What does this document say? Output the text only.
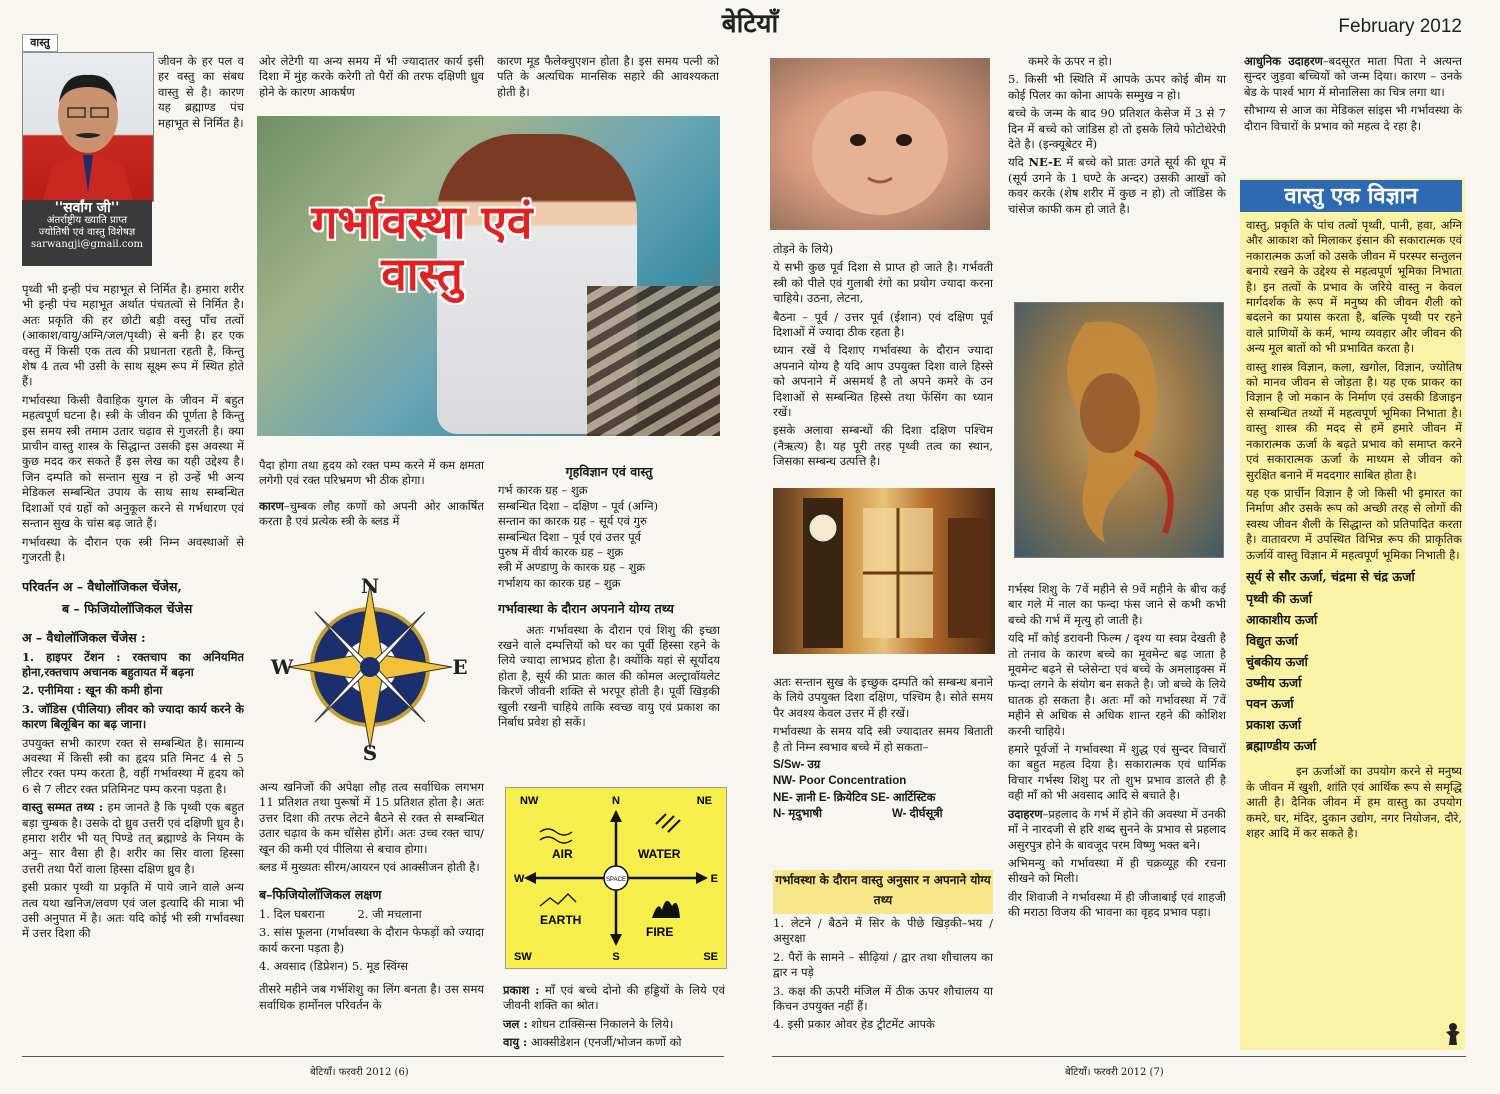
बेटियाँ	February 2012
वास्तु
''सर्वांग जी''
अंतर्राष्ट्रीय ख्याति प्राप्त
ज्योतिषी एवं वास्तु विशेषज्ञ
sarwangji@gmail.com

जीवन के हर पल व हर वस्तु का संबध वास्तु से है। कारण यह ब्रह्माण्ड पंच महाभूत से निर्मित है।

पृथ्वी भी इन्ही पंच महाभूत से निर्मित है। हमारा शरीर भी इन्ही पंच महाभूत अर्थात पंचतत्वों से निर्मित है। अतः प्रकृति की हर छोटी बड़ी वस्तु पाँच तत्वों (आकाश/वायु/अग्नि/जल/पृथ्वी) से बनी है। हर एक वस्तु में किसी एक तत्व की प्रधानता रहती है, किन्तु शेष 4 तत्व भी उसी के साथ सूक्ष्म रूप में स्थित होते हैं।

गर्भावस्था किसी वैवाहिक युगल के जीवन में बहुत महत्वपूर्ण घटना है। स्त्री के जीवन की पूर्णता है किन्तु इस समय स्त्री तमाम उतार चढ़ाव से गुजरती है। क्या प्राचीन वास्तु शास्त्र के सिद्धान्त उसकी इस अवस्था में कुछ मदद कर सकते हैं इस लेख का यही उद्देश्य है। जिन दम्पति को सन्तान सुख न हो उन्हें भी अन्य मेडिकल सम्बन्धित उपाय के साथ साथ सम्बन्धित दिशाओं एवं ग्रहों को अनुकूल करने से गर्भधारण एवं सन्तान सुख के चांस बढ़ जाते हैं।

गर्भावस्था के दौरान एक स्त्री निम्न अवस्थाओं से गुजरती है।

परिवर्तन अ – वैधोलॉजिकल चेंजेस,
ब – फिजियोलॉजिकल चेंजेस
अ – वैधोलॉजिकल चेंजेस :

1. हाइपर टेंशन : रक्तचाप का अनियमित होना,रक्तचाप अचानक बहुतायत में बढ़ना

2. एनीमिया : खून की कमी होना

3. जॉडिस (पीलिया) लीवर को ज्यादा कार्य करने के कारण बिलूबिन का बढ़ जाना।

उपयुक्त सभी कारण रक्त से सम्बन्धित है। सामान्य अवस्था में किसी स्त्री का हृदय प्रति मिनट 4 से 5 लीटर रक्त पम्प करता है, वहीं गर्भावस्था में हृदय को 6 से 7 लीटर रक्त प्रतिमिनट पम्प करना पड़ता है।

वास्तु सम्मत तथ्य : हम जानते है कि पृथ्वी एक बहुत बड़ा चुम्बक है। उसके दो ध्रुव उत्तरी एवं दक्षिणी ध्रुव है। हमारा शरीर भी यत् पिण्डे तत् ब्रह्माण्डे के नियम के अनु– सार वैसा ही है। शरीर का सिर वाला हिस्सा उत्तरी तथा पैरों वाला हिस्सा दक्षिण ध्रुव है।

इसी प्रकार पृथ्वी या प्रकृति में पाये जाने वाले अन्य तत्व यथा खनिज/लवण एवं जल इत्यादि की मात्रा भी उसी अनुपात में है। अतः यदि कोई भी स्त्री गर्भावस्था में उत्तर दिशा की

ओर लेटेगी या अन्य समय में भी ज्यादातर कार्य इसी दिशा में मुंह करके करेगी तो पैरों की तरफ दक्षिणी ध्रुव होने के कारण आकर्षण

कारण मूड फैलेक्चुएशन होता है। इस समय पत्नी को पति के अत्यधिक मानसिक सहारे की आवश्यकता होती है।

गर्भावस्था एवं
वास्तु

पैदा होगा तथा हृदय को रक्त पम्प करने में कम क्षमता लगेगी एवं रक्त परिभ्रमण भी ठीक होगा।

कारण–चुम्बक लौह कणों को अपनी ओर आकर्षित करता है एवं प्रत्येक स्त्री के ब्लड में

N
S
W	E

अन्य खनिजों की अपेक्षा लौह तत्व सर्वाधिक लगभग 11 प्रतिशत तथा पुरूषों में 15 प्रतिशत होता है। अतः उत्तर दिशा की तरफ लेटने बैठने से रक्त से सम्बन्धित उतार चढ़ाव के कम चॉसेस होगें। अतः उच्च रक्त चाप/खून की कमी एवं पीलिया से बचाव होगा।

ब्लड में मुख्यतः सीरम/आयरन एवं आक्सीजन होती है।

ब–फिजियोलॉजिकल लक्षण

1. दिल घबराना         2. जी मचलाना

3. सांस फूलना (गर्भावस्था के दौरान फेफड़ों को ज्यादा कार्य करना पड़ता है)

4. अवसाद (डिप्रेशन) 5. मूड स्विंग्स

तीसरे महीने जब गर्भशिशु का लिंग बनता है। उस समय सर्वाधिक हार्मोनल परिवर्तन के

गृहविज्ञान एवं वास्तु
गर्भ कारक ग्रह – शुक्र
सम्बन्धित दिशा – दक्षिण – पूर्व (अग्नि)
सन्तान का कारक ग्रह – सूर्य एवं गुरु
सम्बन्धित दिशा – पूर्व एवं उत्तर पूर्व
पुरुष में वीर्य कारक ग्रह – शुक्र
स्त्री में अण्डाणु के कारक ग्रह – शुक्र
गर्भाशय का कारक ग्रह – शुक्र
गर्भावास्था के दौरान अपनाने योग्य तथ्य

अतः गर्भावस्था के दौरान एवं शिशु की इच्छा रखने वाले दम्पत्तियों को घर का पूर्वी हिस्सा रहने के लिये ज्यादा लाभप्रद होता है। क्योंकि यहां से सूर्योदय होता है, सूर्य की प्रातः काल की कोमल अल्ट्रावॉयलेट किरणें जीवनी शक्ति से भरपूर होती है। पूर्वी खिड़की खुली रखनी चाहिये ताकि स्वच्छ वायु एवं प्रकाश का निर्बाध प्रवेश हो सकें।

SPACE
NW	N	NE
W	E
SW	S	SE
AIR	WATER
EARTH
FIRE

प्रकाश : माँ एवं बच्चे दोनो की हड्डियों के लिये एवं जीवनी शक्ति का श्रोत।

जल : शोधन टाक्सिन्स निकालने के लिये।

वायु : आक्सीडेशन (एनर्जी/भोजन कणों को

तोड़ने के लिये)

ये सभी कुछ पूर्व दिशा से प्राप्त हो जाते है। गर्भवती स्त्री को पीले एवं गुलाबी रंगो का प्रयोग ज्यादा करना चाहिये। उठना, लेटना,

बैठना – पूर्व / उत्तर पूर्व (ईशान) एवं दक्षिण पूर्व दिशाओं में ज्यादा ठीक रहता है।

ध्यान रखें ये दिशाए गर्भावस्था के दौरान ज्यादा अपनाने योग्य है यदि आप उपयुक्त दिशा वाले हिस्से को अपनाने में असमर्थ है तो अपने कमरे के उन दिशाओं से सम्बन्धित हिस्से तथा फेंसिंग का ध्यान रखें।

इसके अलावा सम्बन्धों की दिशा दक्षिण पश्चिम (नैऋत्य) है। यह पूरी तरह पृथ्वी तत्व का स्थान, जिसका सम्बन्ध उत्पत्ति है।

अतः सन्तान सुख के इच्छुक दम्पति को सम्बन्ध बनाने के लिये उपयुक्त दिशा दक्षिण, पश्चिम है। सोते समय पैर अवश्य केवल उत्तर में ही रखें।

गर्भावस्था के समय यदि स्त्री ज्यादातर समय बिताती है तो निम्न स्वभाव बच्चे में हो सकता–

S/Sw- उग्र

NW- Poor Concentration

NE- ज्ञानी E- क्रियेटिव SE- आर्टिस्टिक

N- मृदुभाषी	W- दीर्घसूत्री

गर्भावस्था के दौरान वास्तु अनुसार न अपनाने योग्य तथ्य

1. लेटने / बैठने में सिर के पीछे खिड़की–भय / असुरक्षा

2. पैरों के सामने – सीढ़ियां / द्वार तथा शौचालय का द्वार न पड़े

3. कक्ष की ऊपरी मंजिल में ठीक ऊपर शौचालय या किचन उपयुक्त नहीं हैं।

4. इसी प्रकार ओवर हेड ट्रीटमेंट आपके

कमरे के ऊपर न हो।

5. किसी भी स्थिति में आपके ऊपर कोई बीम या कोई पिलर का कोना आपके सम्मुख न हो।

बच्चे के जन्म के बाद 90 प्रतिशत केसेज में 3 से 7 दिन में बच्चे को जांडिस हो तो इसके लिये फोटोथेरेपी देते है। (इन्क्यूबेटर में)

यदि NE-E में बच्चे को प्रातः उगते सूर्य की धूप में (सूर्य उगने के 1 घण्टे के अन्दर) उसकी आखों को कवर करके (शेष शरीर में कुछ न हो) तो जॉडिस के चांसेज काफी कम हो जाते है।

गर्भस्थ शिशु के 7वें महीने से 9वें महीने के बीच कई बार गले में नाल का फन्दा फंस जाने से कभी कभी बच्चे की गर्भ में मृत्यु हो जाती है।

यदि माँ कोई डरावनी फिल्म / दृश्य या स्वप्न देखती है तो तनाव के कारण बच्चे का मूवमेन्ट बढ़ जाता है मूवमेन्ट बढ़ने से प्लेसेन्टा एवं बच्चे के अमलाइक्स में फन्दा लगने के संयोग बन सकते है। जो बच्चे के लिये घातक हो सकता है। अतः माँ को गर्भावस्था में 7वें महीने से अधिक से अधिक शान्त रहने की कोशिश करनी चाहिये।

हमारे पूर्वजों ने गर्भावस्था में शुद्ध एवं सुन्दर विचारों का बहुत महत्व दिया है। सकारात्मक एवं धार्मिक विचार गर्भस्थ शिशु पर तो शुभ प्रभाव डालते ही है वही माँ को भी अवसाद आदि से बचाते है।

उदाहरण–प्रहलाद के गर्भ में होने की अवस्था में उनकी माँ ने नारदजी से हरि शब्द सुनने के प्रभाव से प्रहलाद असुरपुत्र होने के बावजूद परम विष्णु भक्त बने।

अभिमन्यु को गर्भावस्था में ही चक्रव्यूह की रचना सीखने को मिली।

वीर शिवाजी ने गर्भावस्था में ही जीजाबाई एवं शाहजी की मराठा विजय की भावना का वृहद प्रभाव पड़ा।

आधुनिक उदाहरण–बदसूरत माता पिता ने अत्यन्त सुन्दर जुड़वा बच्चियों को जन्म दिया। कारण – उनके बेड के पार्श्व भाग में मोनालिसा का चित्र लगा था।

सौभाग्य से आज का मेडिकल सांइस भी गर्भावस्था के दौरान विचारों के प्रभाव को महत्व दे रहा है।

वास्तु एक विज्ञान

वास्तु, प्रकृति के पांच तत्वों पृथ्वी, पानी, हवा, अग्नि और आकाश को मिलाकर इंसान की सकारात्मक एवं नकारात्मक ऊर्जा को उसके जीवन में परस्पर सन्तुलन बनाये रखने के उद्देश्य से महत्वपूर्ण भूमिका निभाता है। इन तत्वों के प्रभाव के जरिये वास्तु न केवल मार्गदर्शक के रूप में मनुष्य की जीवन शैली को बदलने का प्रयास करता है, बल्कि पृथ्वी पर रहने वाले प्राणियों के कर्म, भाग्य व्यवहार और जीवन की अन्य मूल बातों को भी प्रभावित करता है।

वास्तु शास्त्र विज्ञान, कला, खगोल, विज्ञान, ज्योतिष को मानव जीवन से जोड़ता है। यह एक प्राकर का विज्ञान है जो मकान के निर्माण एवं उसकी डिजाइन से सम्बन्धित तथ्यों में महत्वपूर्ण भूमिका निभाता है। वास्तु शास्त्र की मदद से हमें हमारे जीवन में नकारात्मक ऊर्जा के बढ़ते प्रभाव को समाप्त करने एवं सकारात्मक ऊर्जा के माध्यम से जीवन को सुरक्षित बनाने में मददगार साबित होता है।

यह एक प्रार्चीन विज्ञान है जो किसी भी इमारत का निर्माण और उसके रूप को अच्छी तरह से लोगों की स्वस्थ जीवन शैली के सिद्धान्त को प्रतिपादित करता है। वातावरण में उपस्थित विभिन्न रूप की प्राकृतिक ऊर्जायें वास्तु विज्ञान में महत्वपूर्ण भूमिका निभाती है।

सूर्य से सौर ऊर्जा, चंद्रमा से चंद्र ऊर्जा
पृथ्वी की ऊर्जा
आकाशीय ऊर्जा
विद्युत ऊर्जा
चुंबकीय ऊर्जा
उष्मीय ऊर्जा
पवन ऊर्जा
प्रकाश ऊर्जा
ब्रह्माण्डीय ऊर्जा

इन ऊर्जाओं का उपयोग करने से मनुष्य के जीवन में खुशी, शांति एवं आर्थिक रूप से समृद्धि आती है। दैनिक जीवन में हम वास्तु का उपयोग कमरे, घर, मंदिर, दुकान उद्योग, नगर नियोजन, दौरे, शहर आदि में कर सकते है।

बेटियाँ। फरवरी 2012 (6)	बेटियाँ। फरवरी 2012 (7)
